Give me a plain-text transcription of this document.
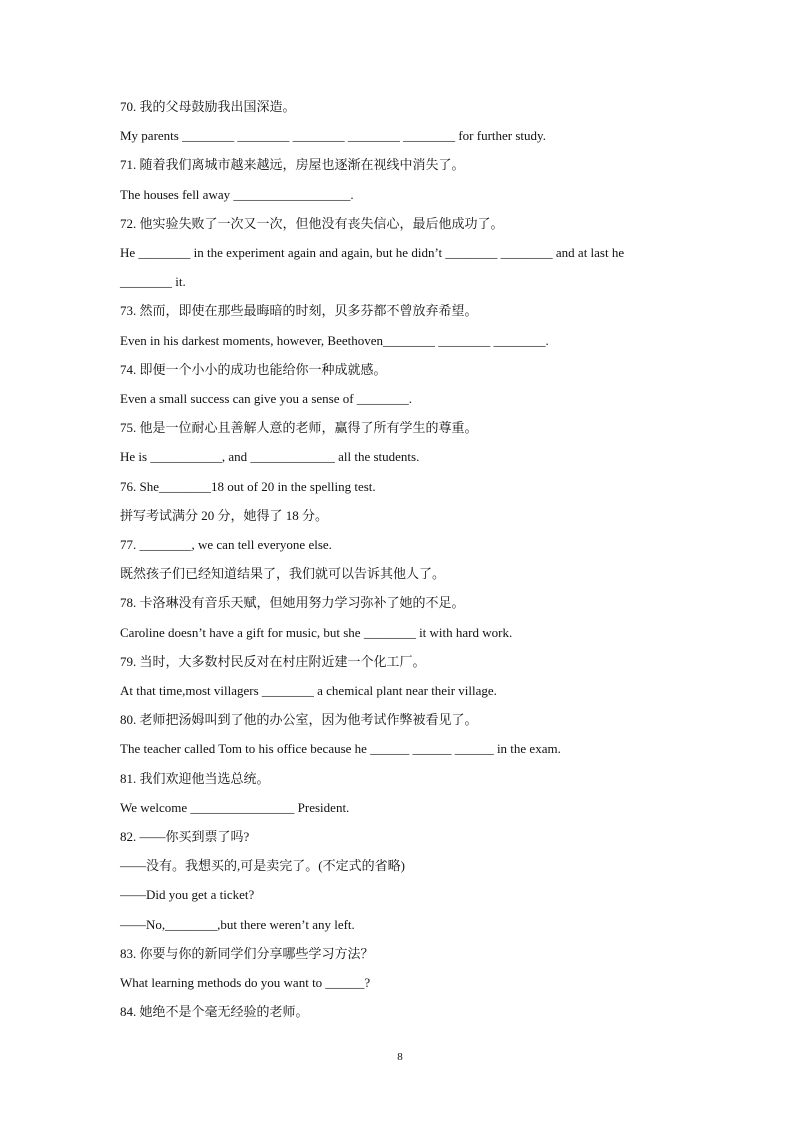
70. 我的父母鼓励我出国深造。

My parents ________ ________ ________ ________ ________ for further study.

71. 随着我们离城市越来越远，房屋也逐渐在视线中消失了。

The houses fell away __________________.

72. 他实验失败了一次又一次，但他没有丧失信心，最后他成功了。

He ________ in the experiment again and again, but he didn’t ________ ________ and at last he

________ it.

73. 然而，即使在那些最晦暗的时刻，贝多芬都不曾放弃希望。

Even in his darkest moments, however, Beethoven________ ________ ________.

74. 即便一个小小的成功也能给你一种成就感。

Even a small success can give you a sense of ________.

75. 他是一位耐心且善解人意的老师，赢得了所有学生的尊重。

He is ___________, and _____________ all the students.

76. She________18 out of 20 in the spelling test.

拼写考试满分 20 分，她得了 18 分。

77. ________, we can tell everyone else.

既然孩子们已经知道结果了，我们就可以告诉其他人了。

78. 卡洛琳没有音乐天赋，但她用努力学习弥补了她的不足。

Caroline doesn’t have a gift for music, but she ________ it with hard work.

79. 当时，大多数村民反对在村庄附近建一个化工厂。

At that time,most villagers ________ a chemical plant near their village.

80. 老师把汤姆叫到了他的办公室，因为他考试作弊被看见了。

The teacher called Tom to his office because he ______ ______ ______ in the exam.

81. 我们欢迎他当选总统。

We welcome ________________ President.

82. ——你买到票了吗?

——没有。我想买的,可是卖完了。(不定式的省略)

——Did you get a ticket?

——No,________,but there weren’t any left.

83. 你要与你的新同学们分享哪些学习方法？

What learning methods do you want to ______?

84. 她绝不是个毫无经验的老师。

8
